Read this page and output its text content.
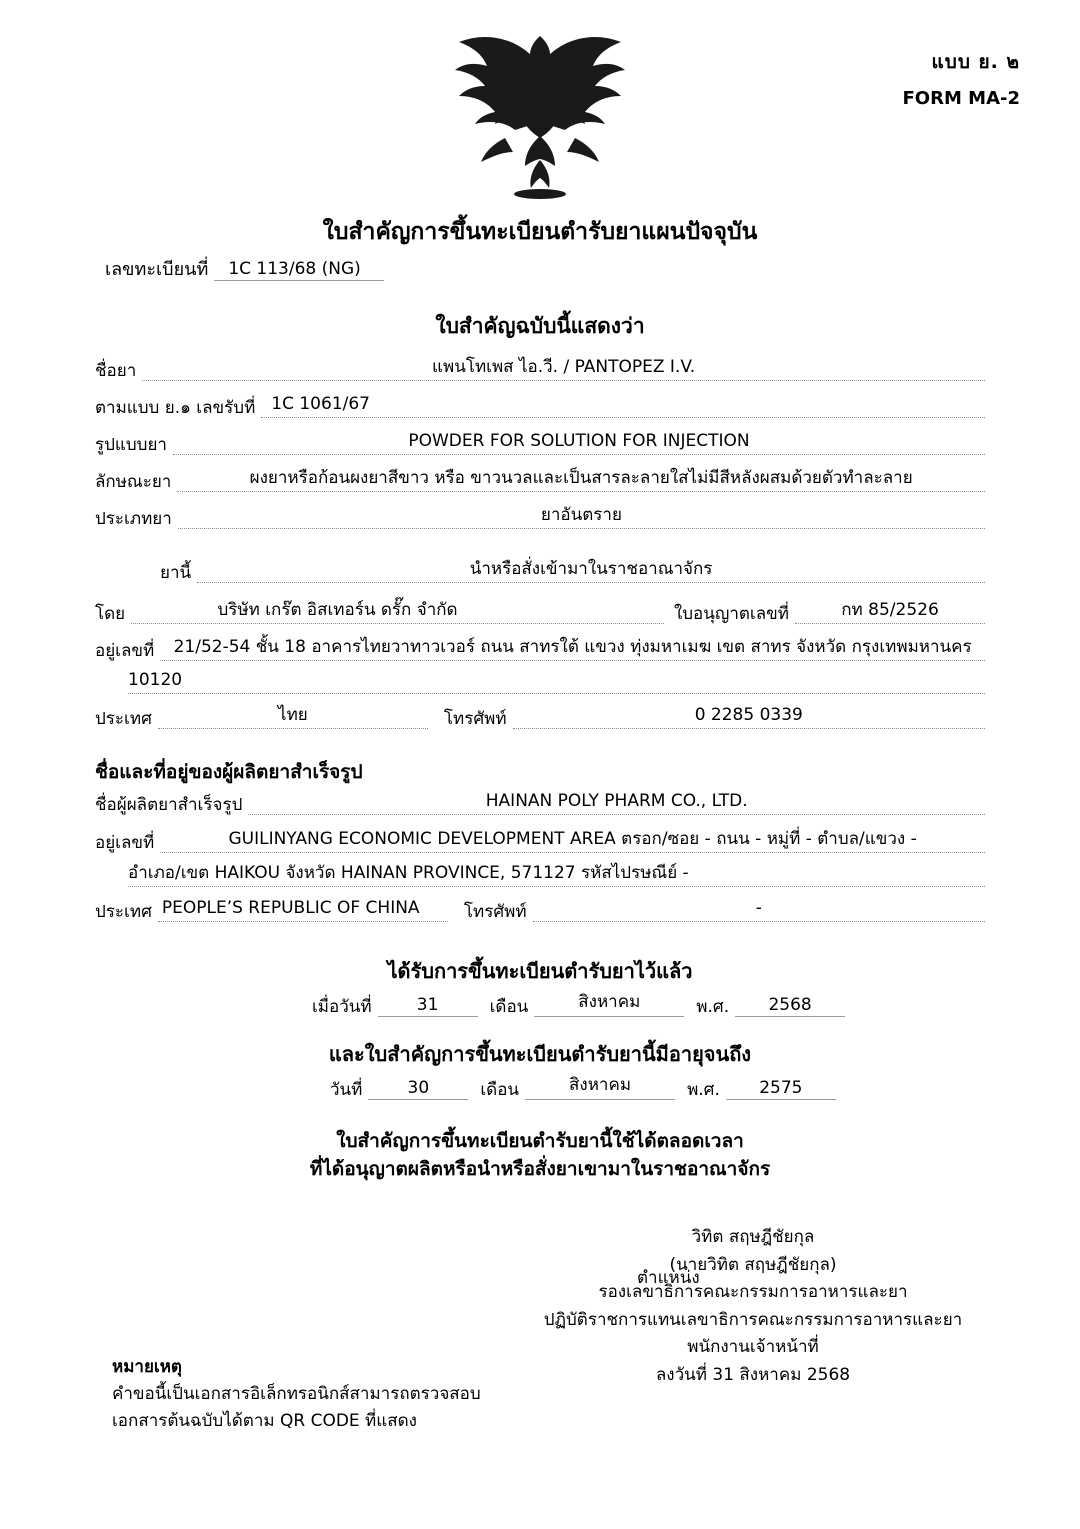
แบบ ย. ๒
FORM MA-2
ใบสำคัญการขึ้นทะเบียนตำรับยาแผนปัจจุบัน
เลขทะเบียนที่	1C 113/68 (NG)
ใบสำคัญฉบับนี้แสดงว่า
ชื่อยา	แพนโทเพส ไอ.วี. / PANTOPEZ I.V.
ตามแบบ ย.๑ เลขรับที่ 1C 1061/67
รูปแบบยา	POWDER FOR SOLUTION FOR INJECTION
ลักษณะยา	ผงยาหรือก้อนผงยาสีขาว หรือ ขาวนวลและเป็นสารละลายใสไม่มีสีหลังผสมด้วยตัวทำละลาย
ประเภทยา	ยาอันตราย
ยานี้	นำหรือสั่งเข้ามาในราชอาณาจักร
โดย	บริษัท เกร๊ต อิสเทอร์น ดรั๊ก จำกัด	ใบอนุญาตเลขที่	กท 85/2526
อยู่เลขที่	21/52-54 ชั้น 18 อาคารไทยวาทาวเวอร์ ถนน สาทรใต้ แขวง ทุ่งมหาเมฆ เขต สาทร จังหวัด กรุงเทพมหานคร
10120
ประเทศ	ไทย	โทรศัพท์	0 2285 0339
ชื่อและที่อยู่ของผู้ผลิตยาสำเร็จรูป
ชื่อผู้ผลิตยาสำเร็จรูป	HAINAN POLY PHARM CO., LTD.
อยู่เลขที่	GUILINYANG ECONOMIC DEVELOPMENT AREA ตรอก/ซอย - ถนน - หมู่ที่ - ตำบล/แขวง -
อำเภอ/เขต HAIKOU จังหวัด HAINAN PROVINCE, 571127 รหัสไปรษณีย์ -
ประเทศ PEOPLE’S REPUBLIC OF CHINA	โทรศัพท์	-
ได้รับการขึ้นทะเบียนตำรับยาไว้แล้ว
เมื่อวันที่	31	เดือน	สิงหาคม	พ.ศ.	2568
และใบสำคัญการขึ้นทะเบียนตำรับยานี้มีอายุจนถึง
วันที่	30	เดือน	สิงหาคม	พ.ศ.	2575
ใบสำคัญการขึ้นทะเบียนตำรับยานี้ใช้ได้ตลอดเวลา
ที่ได้อนุญาตผลิตหรือนำหรือสั่งยาเขามาในราชอาณาจักร
วิทิต สฤษฎีชัยกุล
(นายวิทิต สฤษฎีชัยกุล)
รองเลขาธิการคณะกรรมการอาหารและยา
ปฏิบัติราชการแทนเลขาธิการคณะกรรมการอาหารและยา
พนักงานเจ้าหน้าที่
ลงวันที่ 31 สิงหาคม 2568
ตำแหน่ง
หมายเหตุ
คำขอนี้เป็นเอกสารอิเล็กทรอนิกส์สามารถตรวจสอบ
เอกสารต้นฉบับได้ตาม QR CODE ที่แสดง
